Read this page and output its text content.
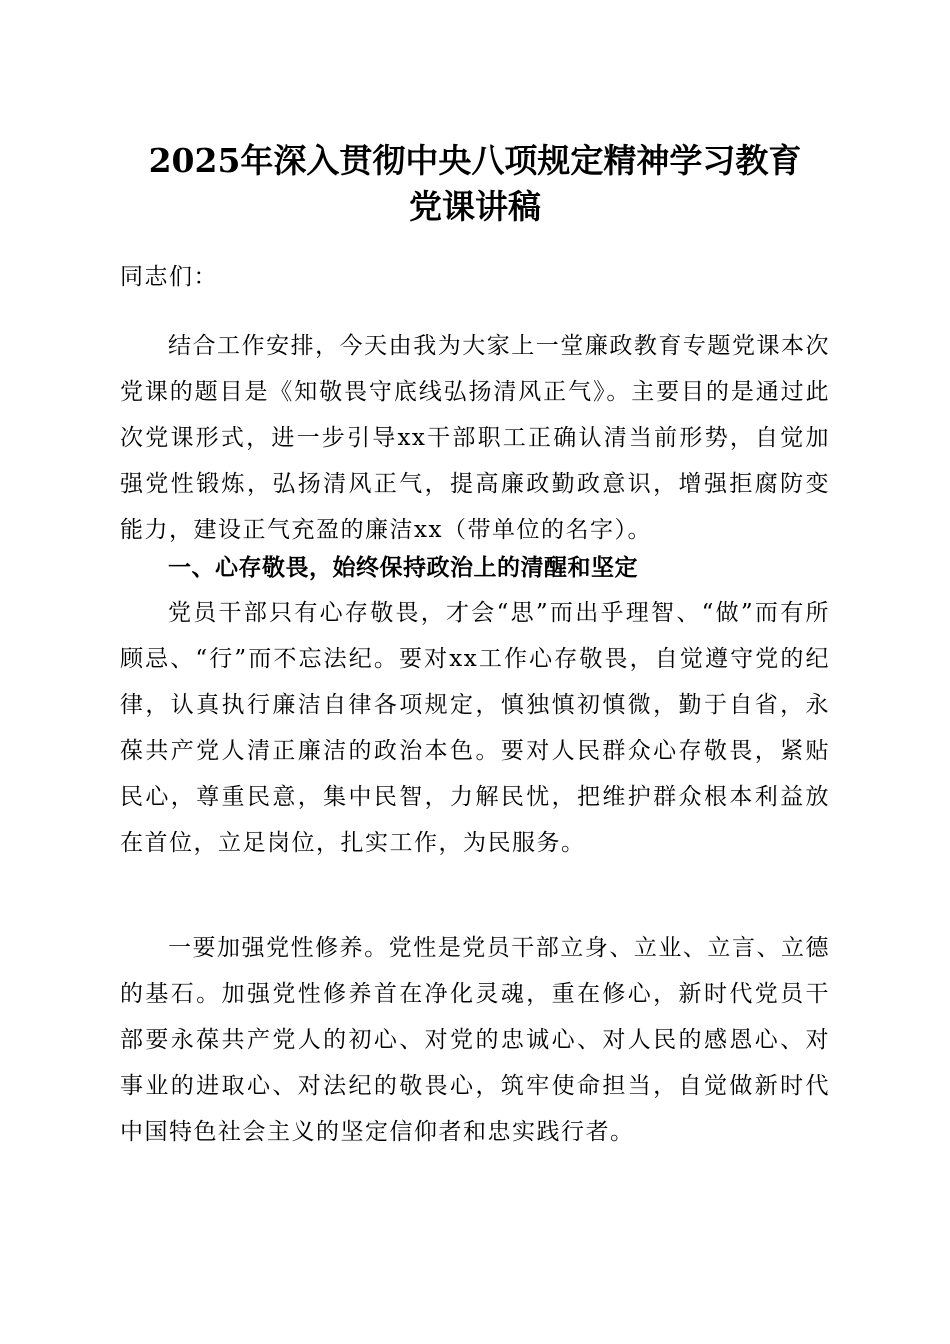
2025年深入贯彻中央八项规定精神学习教育
党课讲稿
同志们：

结合工作安排，今天由我为大家上一堂廉政教育专题党课本次党课的题目是《知敬畏守底线弘扬清风正气》。主要目的是通过此次党课形式，进一步引导xx干部职工正确认清当前形势，自觉加强党性锻炼，弘扬清风正气，提高廉政勤政意识，增强拒腐防变能力，建设正气充盈的廉洁xx（带单位的名字）。

一、心存敬畏，始终保持政治上的清醒和坚定

党员干部只有心存敬畏，才会“思”而出乎理智、“做”而有所顾忌、“行”而不忘法纪。要对xx工作心存敬畏，自觉遵守党的纪律，认真执行廉洁自律各项规定，慎独慎初慎微，勤于自省，永葆共产党人清正廉洁的政治本色。要对人民群众心存敬畏，紧贴民心，尊重民意，集中民智，力解民忧，把维护群众根本利益放在首位，立足岗位，扎实工作，为民服务。

一要加强党性修养。党性是党员干部立身、立业、立言、立德的基石。加强党性修养首在净化灵魂，重在修心，新时代党员干部要永葆共产党人的初心、对党的忠诚心、对人民的感恩心、对事业的进取心、对法纪的敬畏心，筑牢使命担当，自觉做新时代中国特色社会主义的坚定信仰者和忠实践行者。
